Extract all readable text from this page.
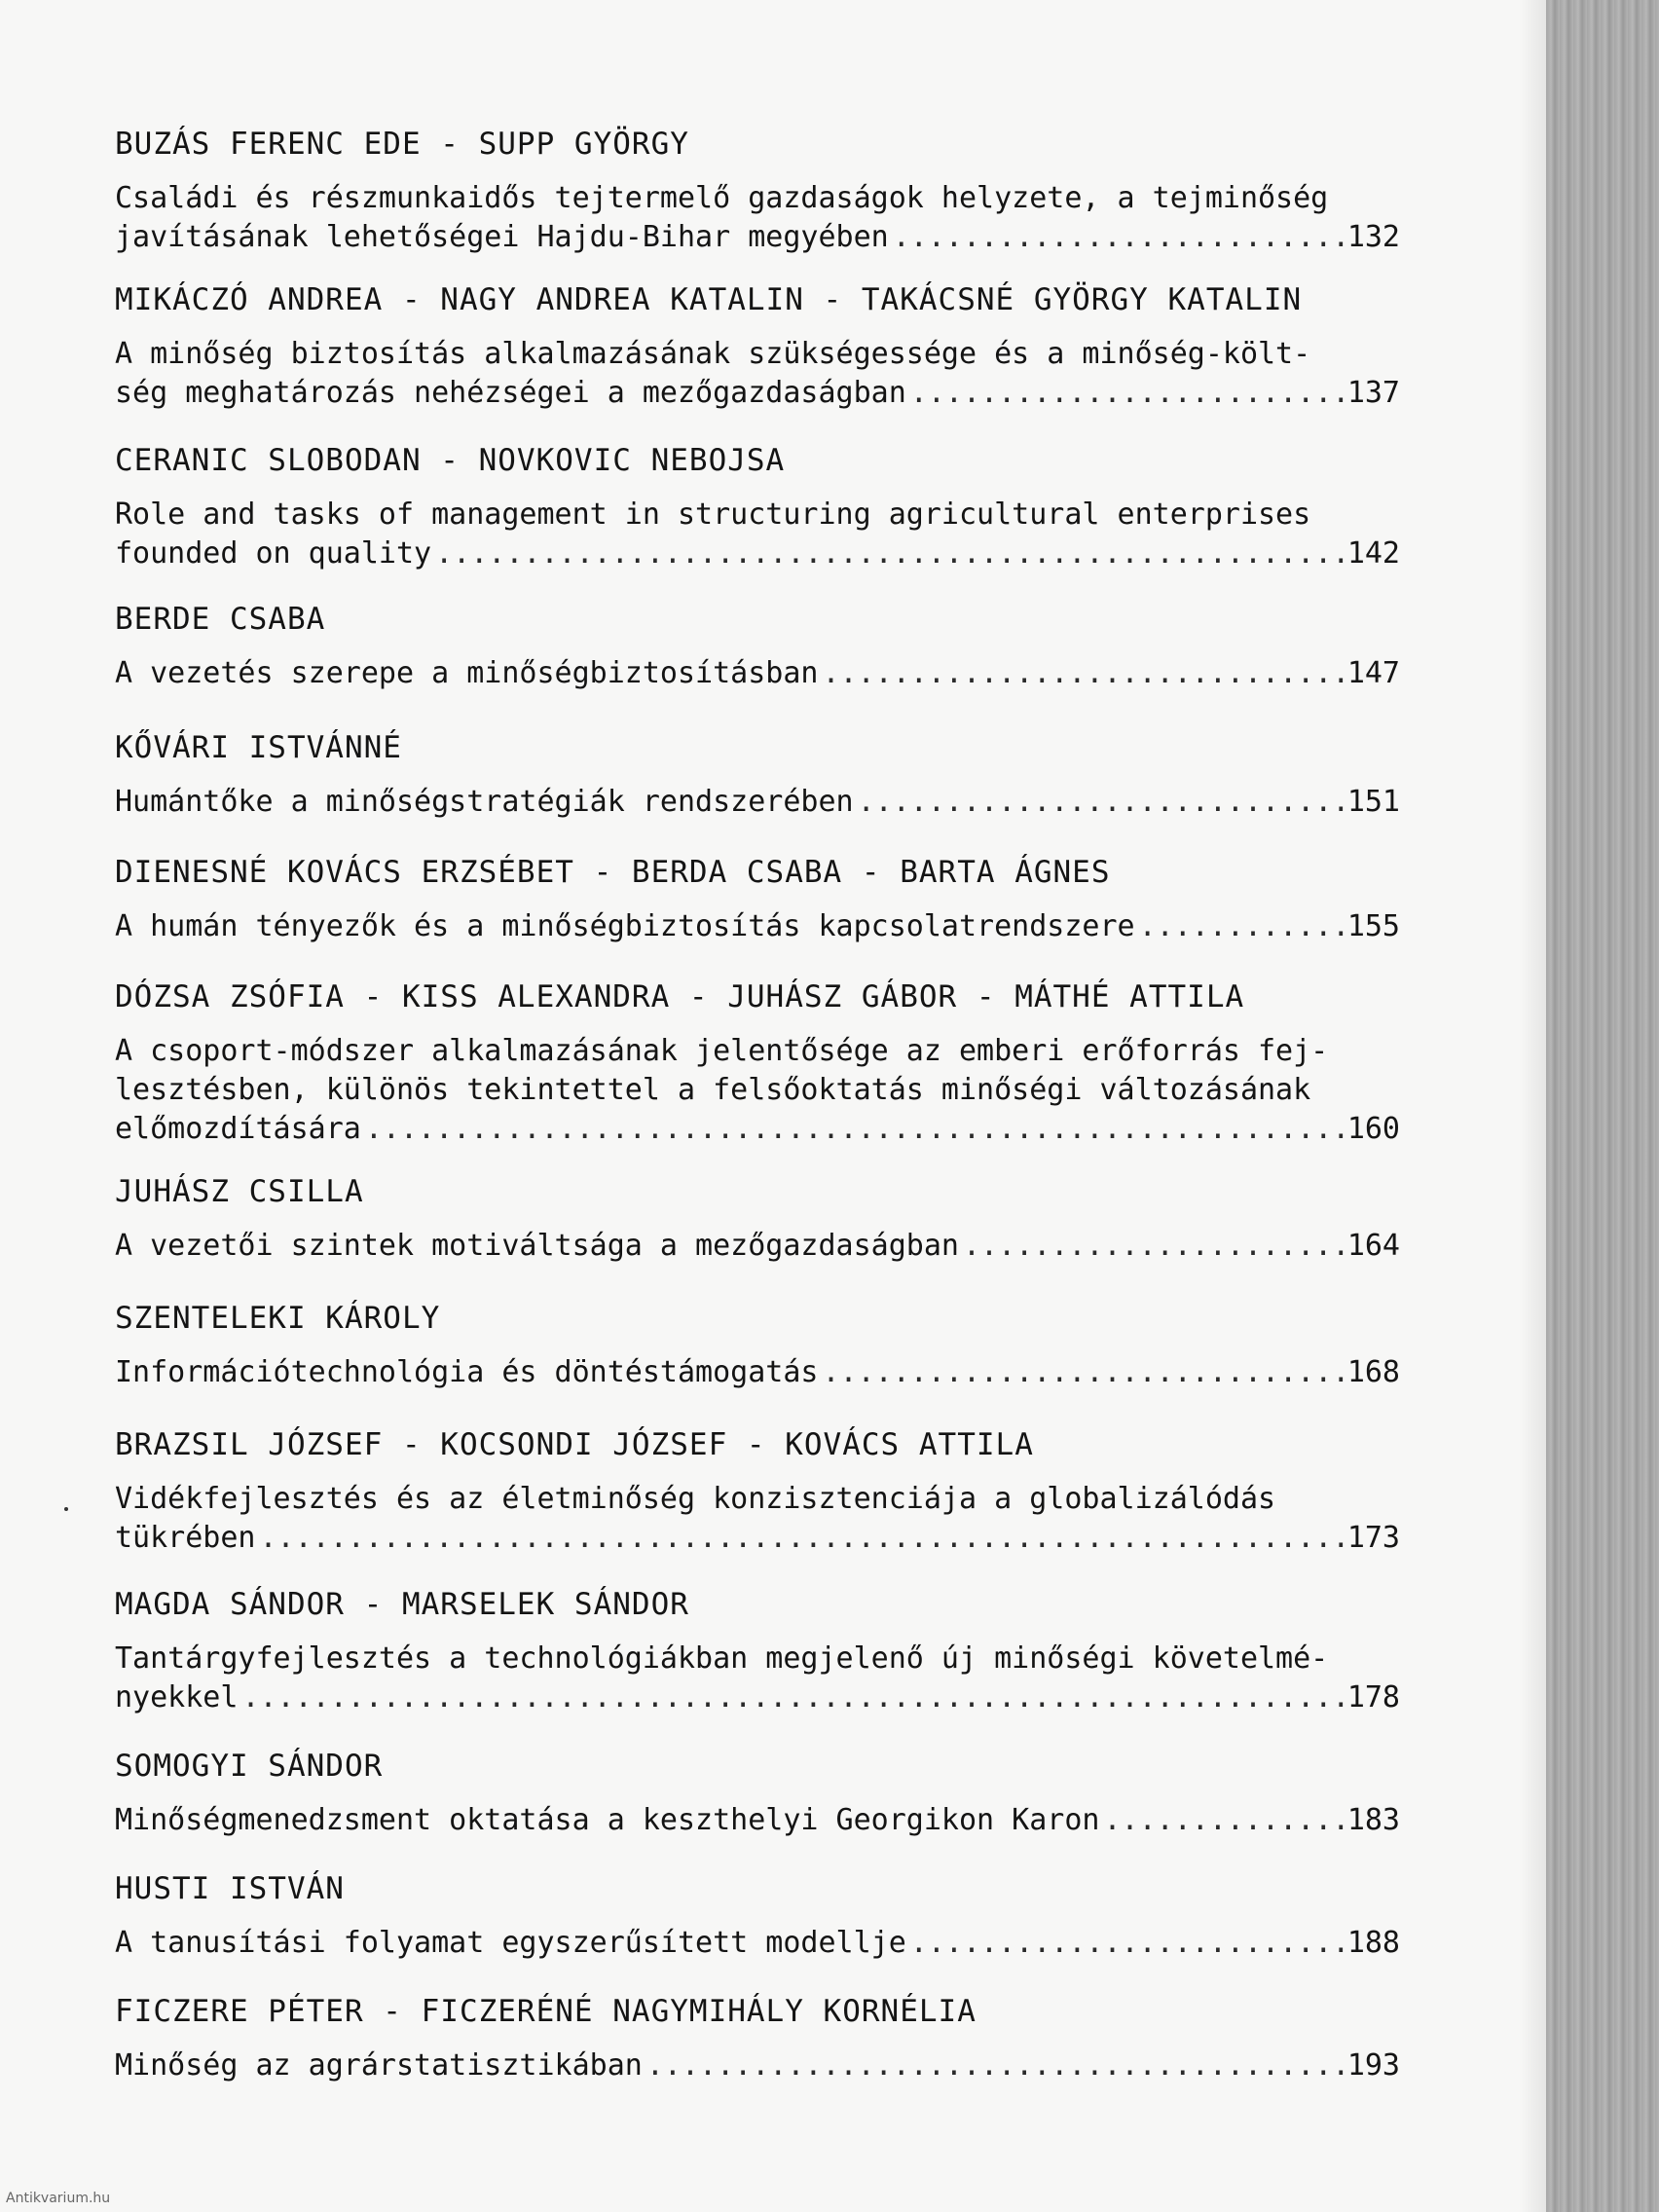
BUZÁS FERENC EDE - SUPP GYÖRGY
Családi és részmunkaidős tejtermelő gazdaságok helyzete, a tejminőség
javításának lehetőségei Hajdu-Bihar megyében .....	132
MIKÁCZÓ ANDREA - NAGY ANDREA KATALIN - TAKÁCSNÉ GYÖRGY KATALIN
A minőség biztosítás alkalmazásának szükségessége és a minőség-költ-
ség meghatározás nehézségei a mezőgazdaságban .....	137
CERANIC SLOBODAN - NOVKOVIC NEBOJSA
Role and tasks of management in structuring agricultural enterprises
founded on quality .....	142
BERDE CSABA
A vezetés szerepe a minőségbiztosításban .....	147
KŐVÁRI ISTVÁNNÉ
Humántőke a minőségstratégiák rendszerében .....	151
DIENESNÉ KOVÁCS ERZSÉBET - BERDA CSABA - BARTA ÁGNES
A humán tényezők és a minőségbiztosítás kapcsolatrendszere .....	155
DÓZSA ZSÓFIA - KISS ALEXANDRA - JUHÁSZ GÁBOR - MÁTHÉ ATTILA
A csoport-módszer alkalmazásának jelentősége az emberi erőforrás fej-
lesztésben, különös tekintettel a felsőoktatás minőségi változásának
előmozdítására .....	160
JUHÁSZ CSILLA
A vezetői szintek motiváltsága a mezőgazdaságban .....	164
SZENTELEKI KÁROLY
Információtechnológia és döntéstámogatás .....	168
BRAZSIL JÓZSEF - KOCSONDI JÓZSEF - KOVÁCS ATTILA
Vidékfejlesztés és az életminőség konzisztenciája a globalizálódás
tükrében .....	173
MAGDA SÁNDOR - MARSELEK SÁNDOR
Tantárgyfejlesztés a technológiákban megjelenő új minőségi követelmé-
nyekkel .....	178
SOMOGYI SÁNDOR
Minőségmenedzsment oktatása a keszthelyi Georgikon Karon .....	183
HUSTI ISTVÁN
A tanusítási folyamat egyszerűsített modellje .....	188
FICZERE PÉTER - FICZERÉNÉ NAGYMIHÁLY KORNÉLIA
Minőség az agrárstatisztikában .....	193
Antikvarium.hu
